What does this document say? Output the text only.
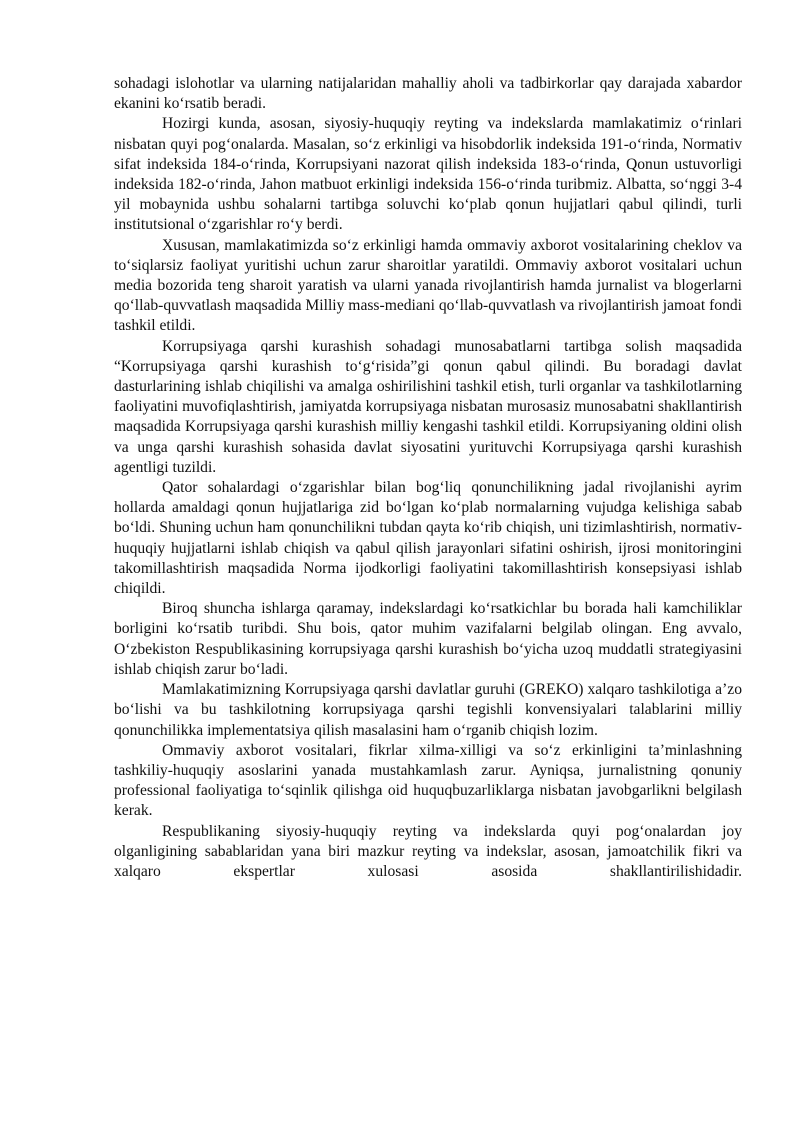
sohadagi islohotlar va ularning natijalaridan mahalliy aholi va tadbirkorlar qay darajada xabardor ekanini ko‘rsatib beradi.

Hozirgi kunda, asosan, siyosiy-huquqiy reyting va indekslarda mamlakatimiz o‘rinlari nisbatan quyi pog‘onalarda. Masalan, so‘z erkinligi va hisobdorlik indeksida 191-o‘rinda, Normativ sifat indeksida 184-o‘rinda, Korrupsiyani nazorat qilish indeksida 183-o‘rinda, Qonun ustuvorligi indeksida 182-o‘rinda, Jahon matbuot erkinligi indeksida 156-o‘rinda turibmiz. Albatta, so‘nggi 3-4 yil mobaynida ushbu sohalarni tartibga soluvchi ko‘plab qonun hujjatlari qabul qilindi, turli institutsional o‘zgarishlar ro‘y berdi.

Xususan, mamlakatimizda so‘z erkinligi hamda ommaviy axborot vositalarining cheklov va to‘siqlarsiz faoliyat yuritishi uchun zarur sharoitlar yaratildi. Ommaviy axborot vositalari uchun media bozorida teng sharoit yaratish va ularni yanada rivojlantirish hamda jurnalist va blogerlarni qo‘llab-quvvatlash maqsadida Milliy mass-mediani qo‘llab-quvvatlash va rivojlantirish jamoat fondi tashkil etildi.

Korrupsiyaga qarshi kurashish sohadagi munosabatlarni tartibga solish maqsadida “Korrupsiyaga qarshi kurashish to‘g‘risida”gi qonun qabul qilindi. Bu boradagi davlat dasturlarining ishlab chiqilishi va amalga oshirilishini tashkil etish, turli organlar va tashkilotlarning faoliyatini muvofiqlashtirish, jamiyatda korrupsiyaga nisbatan murosasiz munosabatni shakllantirish maqsadida Korrupsiyaga qarshi kurashish milliy kengashi tashkil etildi. Korrupsiyaning oldini olish va unga qarshi kurashish sohasida davlat siyosatini yurituvchi Korrupsiyaga qarshi kurashish agentligi tuzildi.

Qator sohalardagi o‘zgarishlar bilan bog‘liq qonunchilikning jadal rivojlanishi ayrim hollarda amaldagi qonun hujjatlariga zid bo‘lgan ko‘plab normalarning vujudga kelishiga sabab bo‘ldi. Shuning uchun ham qonunchilikni tubdan qayta ko‘rib chiqish, uni tizimlashtirish, normativ-huquqiy hujjatlarni ishlab chiqish va qabul qilish jarayonlari sifatini oshirish, ijrosi monitoringini takomillashtirish maqsadida Norma ijodkorligi faoliyatini takomillashtirish konsepsiyasi ishlab chiqildi.

Biroq shuncha ishlarga qaramay, indekslardagi ko‘rsatkichlar bu borada hali kamchiliklar borligini ko‘rsatib turibdi. Shu bois, qator muhim vazifalarni belgilab olingan. Eng avvalo, O‘zbekiston Respublikasining korrupsiyaga qarshi kurashish bo‘yicha uzoq muddatli strategiyasini ishlab chiqish zarur bo‘ladi.

Mamlakatimizning Korrupsiyaga qarshi davlatlar guruhi (GREKO) xalqaro tashkilotiga a’zo bo‘lishi va bu tashkilotning korrupsiyaga qarshi tegishli konvensiyalari talablarini milliy qonunchilikka implementatsiya qilish masalasini ham o‘rganib chiqish lozim.

Ommaviy axborot vositalari, fikrlar xilma-xilligi va so‘z erkinligini ta’minlashning tashkiliy-huquqiy asoslarini yanada mustahkamlash zarur. Ayniqsa, jurnalistning qonuniy professional faoliyatiga to‘sqinlik qilishga oid huquqbuzarliklarga nisbatan javobgarlikni belgilash kerak.

Respublikaning siyosiy-huquqiy reyting va indekslarda quyi pog‘onalardan joy olganligining sabablaridan yana biri mazkur reyting va indekslar, asosan, jamoatchilik fikri va xalqaro ekspertlar xulosasi asosida shakllantirilishidadir.
